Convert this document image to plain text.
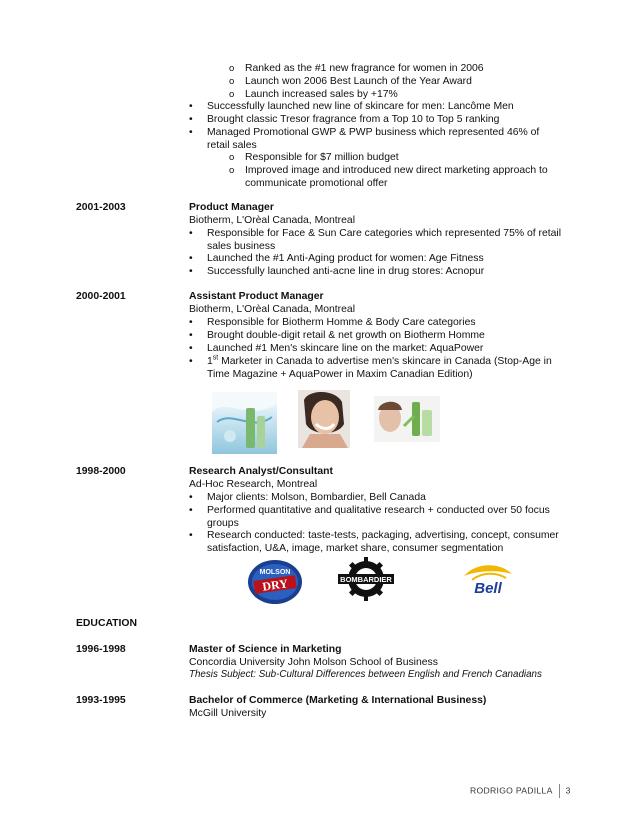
o Ranked as the #1 new fragrance for women in 2006
o Launch won 2006 Best Launch of the Year Award
o Launch increased sales by +17%
• Successfully launched new line of skincare for men: Lancôme Men
• Brought classic Tresor fragrance from a Top 10 to Top 5 ranking
• Managed Promotional GWP & PWP business which represented 46% of retail sales
o Responsible for $7 million budget
o Improved image and introduced new direct marketing approach to communicate promotional offer
2001-2003	Product Manager
Biotherm, L'Orèal Canada, Montreal
• Responsible for Face & Sun Care categories which represented 75% of retail sales business
• Launched the #1 Anti-Aging product for women: Age Fitness
• Successfully launched anti-acne line in drug stores: Acnopur
2000-2001	Assistant Product Manager
Biotherm, L'Orèal Canada, Montreal
• Responsible for Biotherm Homme & Body Care categories
• Brought double-digit retail & net growth on Biotherm Homme
• Launched #1 Men's skincare line on the market: AquaPower
• 1st Marketer in Canada to advertise men's skincare in Canada (Stop-Age in Time Magazine + AquaPower in Maxim Canadian Edition)
1998-2000	Research Analyst/Consultant
Ad-Hoc Research, Montreal
• Major clients: Molson, Bombardier, Bell Canada
• Performed quantitative and qualitative research + conducted over 50 focus groups
• Research conducted: taste-tests, packaging, advertising, concept, consumer satisfaction, U&A, image, market share, consumer segmentation
MOLSON
DRY	BOMBARDIER
Bell
EDUCATION
1996-1998	Master of Science in Marketing
Concordia University John Molson School of Business
Thesis Subject: Sub-Cultural Differences between English and French Canadians
1993-1995	Bachelor of Commerce (Marketing & International Business)
McGill University
RODRIGO PADILLA 3
